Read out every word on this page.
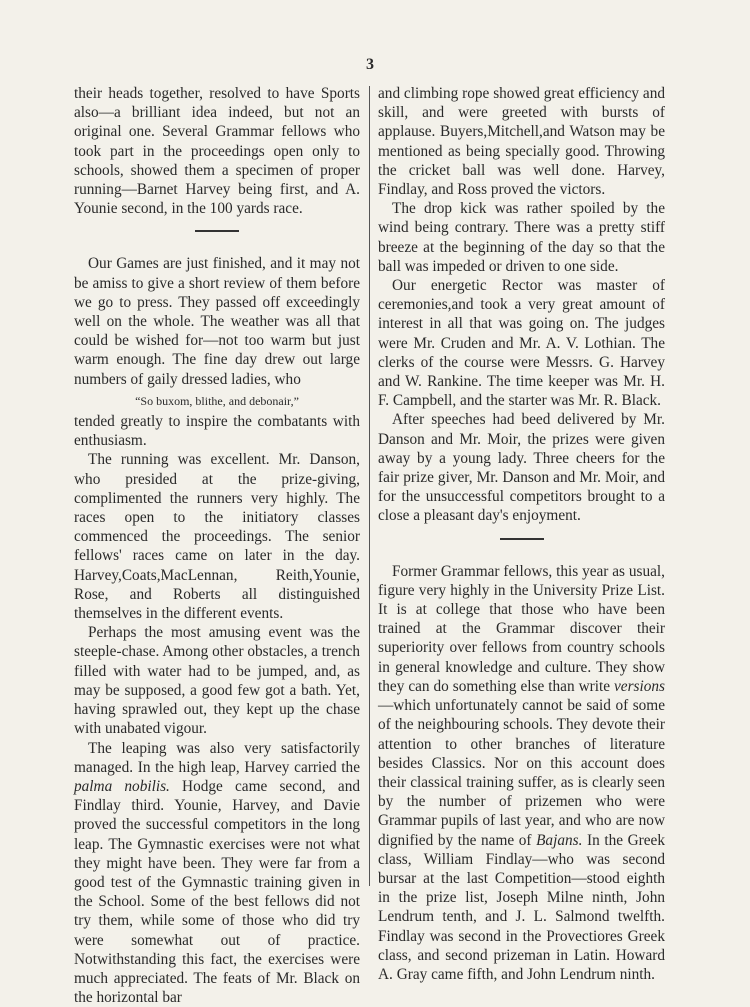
3

their heads together, resolved to have Sports also—a brilliant idea indeed, but not an original one. Several Grammar fellows who took part in the proceedings open only to schools, showed them a specimen of proper running—Barnet Harvey being first, and A. Younie second, in the 100 yards race.

Our Games are just finished, and it may not be amiss to give a short review of them before we go to press. They passed off exceedingly well on the whole. The weather was all that could be wished for—not too warm but just warm enough. The fine day drew out large numbers of gaily dressed ladies, who

“So buxom, blithe, and debonair,”

tended greatly to inspire the combatants with enthusiasm.

The running was excellent. Mr. Danson, who presided at the prize-giving, complimented the runners very highly. The races open to the initiatory classes commenced the proceedings. The senior fellows' races came on later in the day. Harvey,Coats,MacLennan, Reith,Younie, Rose, and Roberts all distinguished themselves in the different events.

Perhaps the most amusing event was the steeple-chase. Among other obstacles, a trench filled with water had to be jumped, and, as may be supposed, a good few got a bath. Yet, having sprawled out, they kept up the chase with unabated vigour.

The leaping was also very satisfactorily managed. In the high leap, Harvey carried the palma nobilis. Hodge came second, and Findlay third. Younie, Harvey, and Davie proved the successful competitors in the long leap. The Gymnastic exercises were not what they might have been. They were far from a good test of the Gymnastic training given in the School. Some of the best fellows did not try them, while some of those who did try were somewhat out of practice. Notwithstanding this fact, the exercises were much appreciated. The feats of Mr. Black on the horizontal bar

and climbing rope showed great efficiency and skill, and were greeted with bursts of applause. Buyers,Mitchell,and Watson may be mentioned as being specially good. Throwing the cricket ball was well done. Harvey, Findlay, and Ross proved the victors.

The drop kick was rather spoiled by the wind being contrary. There was a pretty stiff breeze at the beginning of the day so that the ball was impeded or driven to one side.

Our energetic Rector was master of ceremonies,and took a very great amount of interest in all that was going on. The judges were Mr. Cruden and Mr. A. V. Lothian. The clerks of the course were Messrs. G. Harvey and W. Rankine. The time keeper was Mr. H. F. Campbell, and the starter was Mr. R. Black.

After speeches had beed delivered by Mr. Danson and Mr. Moir, the prizes were given away by a young lady. Three cheers for the fair prize giver, Mr. Danson and Mr. Moir, and for the unsuccessful competitors brought to a close a pleasant day's enjoyment.

Former Grammar fellows, this year as usual, figure very highly in the University Prize List. It is at college that those who have been trained at the Grammar discover their superiority over fellows from country schools in general knowledge and culture. They show they can do something else than write versions —which unfortunately cannot be said of some of the neighbouring schools. They devote their attention to other branches of literature besides Classics. Nor on this account does their classical training suffer, as is clearly seen by the number of prizemen who were Grammar pupils of last year, and who are now dignified by the name of Bajans. In the Greek class, William Findlay—who was second bursar at the last Competition—stood eighth in the prize list, Joseph Milne ninth, John Lendrum tenth, and J. L. Salmond twelfth. Findlay was second in the Provectiores Greek class, and second prizeman in Latin. Howard A. Gray came fifth, and John Lendrum ninth.
